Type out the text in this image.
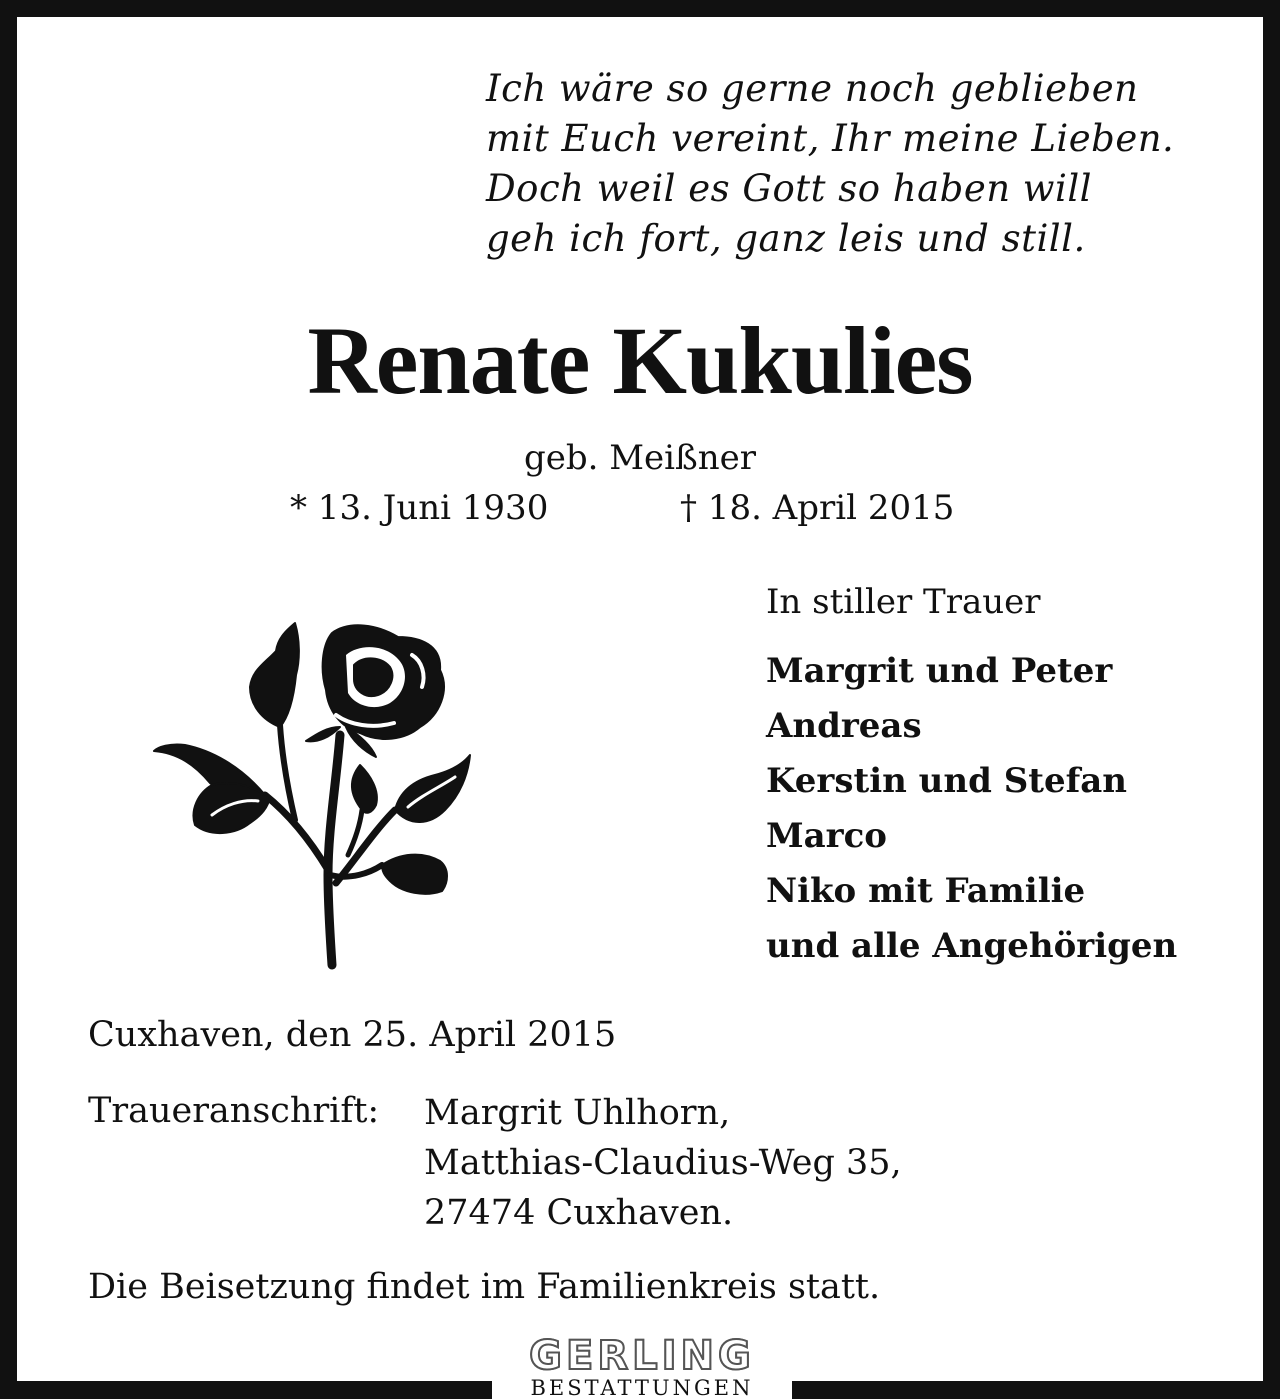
Ich wäre so gerne noch geblieben
mit Euch vereint, Ihr meine Lieben.
Doch weil es Gott so haben will
geh ich fort, ganz leis und still.
Renate Kukulies
geb. Meißner
* 13. Juni 1930	† 18. April 2015
In stiller Trauer
Margrit und Peter
Andreas
Kerstin und Stefan
Marco
Niko mit Familie
und alle Angehörigen
Cuxhaven, den 25. April 2015
Traueranschrift: Margrit Uhlhorn,
Matthias-Claudius-Weg 35,
27474 Cuxhaven.
Die Beisetzung findet im Familienkreis statt.
GERLING
BESTATTUNGEN
